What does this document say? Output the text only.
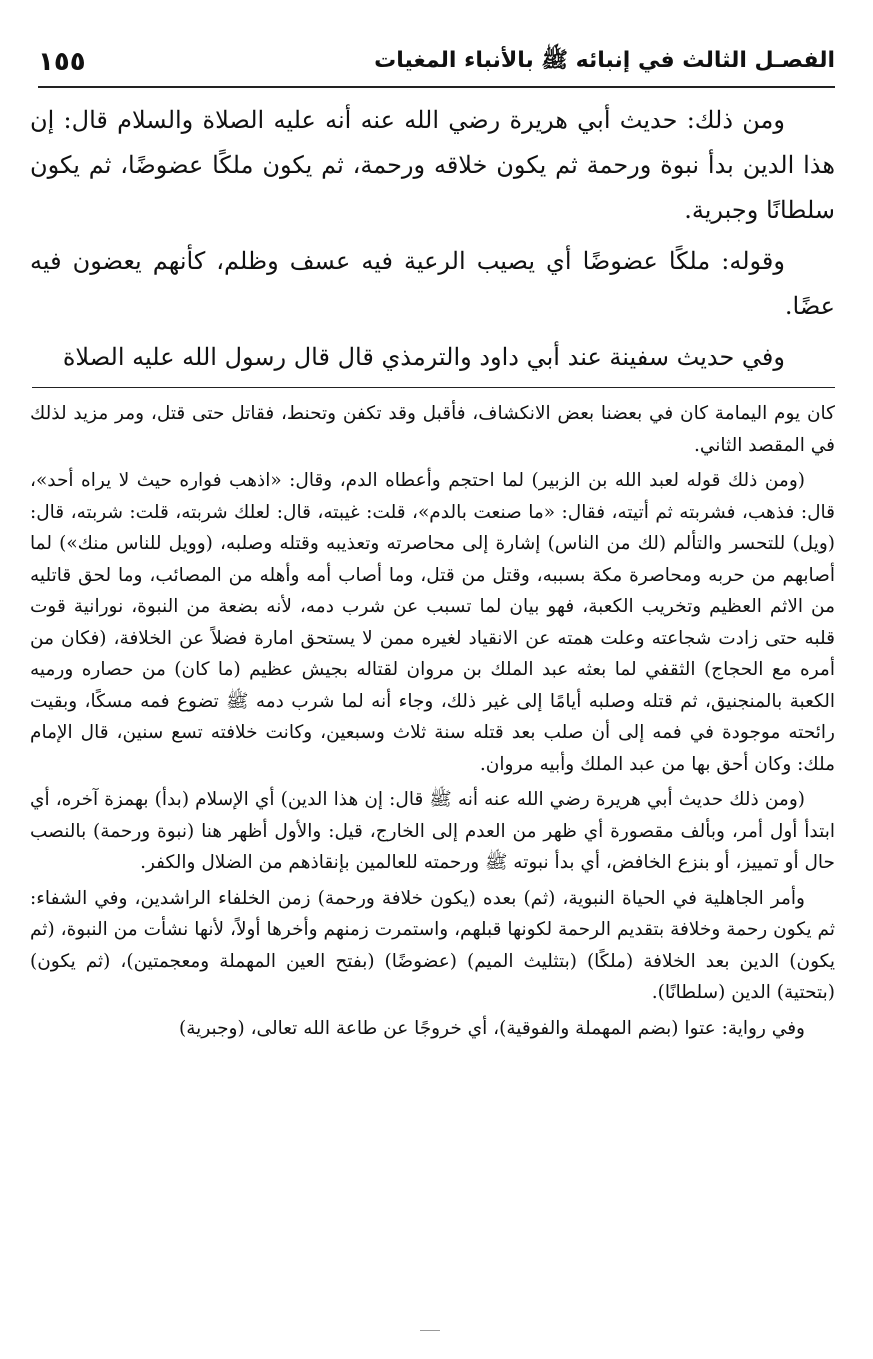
الفصـل الثالث في إنبائه ﷺ بالأنباء المغيات
١٥٥

ومن ذلك: حديث أبي هريرة رضي الله عنه أنه عليه الصلاة والسلام قال: إن هذا الدين بدأ نبوة ورحمة ثم يكون خلاقه ورحمة، ثم يكون ملكًا عضوضًا، ثم يكون سلطانًا وجبرية.

وقوله: ملكًا عضوضًا أي يصيب الرعية فيه عسف وظلم، كأنهم يعضون فيه عضًا.

وفي حديث سفينة عند أبي داود والترمذي قال قال رسول الله عليه الصلاة

كان يوم اليمامة كان في بعضنا بعض الانكشاف، فأقبل وقد تكفن وتحنط، فقاتل حتى قتل، ومر مزيد لذلك في المقصد الثاني.

(ومن ذلك قوله لعبد الله بن الزبير) لما احتجم وأعطاه الدم، وقال: «اذهب فواره حيث لا يراه أحد»، قال: فذهب، فشربته ثم أتيته، فقال: «ما صنعت بالدم»، قلت: غيبته، قال: لعلك شربته، قلت: شربته، قال: (ويل) للتحسر والتألم (لك من الناس) إشارة إلى محاصرته وتعذيبه وقتله وصلبه، (وويل للناس منك») لما أصابهم من حربه ومحاصرة مكة بسببه، وقتل من قتل، وما أصاب أمه وأهله من المصائب، وما لحق قاتليه من الاثم العظيم وتخريب الكعبة، فهو بيان لما تسبب عن شرب دمه، لأنه بضعة من النبوة، نورانية قوت قلبه حتى زادت شجاعته وعلت همته عن الانقياد لغيره ممن لا يستحق امارة فضلاً عن الخلافة، (فكان من أمره مع الحجاج) الثقفي لما بعثه عبد الملك بن مروان لقتاله بجيش عظيم (ما كان) من حصاره ورميه الكعبة بالمنجنيق، ثم قتله وصلبه أيامًا إلى غير ذلك، وجاء أنه لما شرب دمه ﷺ تضوع فمه مسكًا، وبقيت رائحته موجودة في فمه إلى أن صلب بعد قتله سنة ثلاث وسبعين، وكانت خلافته تسع سنين، قال الإمام ملك: وكان أحق بها من عبد الملك وأبيه مروان.

(ومن ذلك حديث أبي هريرة رضي الله عنه أنه ﷺ قال: إن هذا الدين) أي الإسلام (بدأ) بهمزة آخره، أي ابتدأ أول أمر، وبألف مقصورة أي ظهر من العدم إلى الخارج، قيل: والأول أظهر هنا (نبوة ورحمة) بالنصب حال أو تمييز، أو بنزع الخافض، أي بدأ نبوته ﷺ ورحمته للعالمين بإنقاذهم من الضلال والكفر.

وأمر الجاهلية في الحياة النبوية، (ثم) بعده (يكون خلافة ورحمة) زمن الخلفاء الراشدين، وفي الشفاء: ثم يكون رحمة وخلافة بتقديم الرحمة لكونها قبلهم، واستمرت زمنهم وأخرها أولاً، لأنها نشأت من النبوة، (ثم يكون) الدين بعد الخلافة (ملكًا) (بتثليث الميم) (عضوضًا) (بفتح العين المهملة ومعجمتين)، (ثم يكون) (بتحتية) الدين (سلطانًا).

وفي رواية: عتوا (بضم المهملة والفوقية)، أي خروجًا عن طاعة الله تعالى، (وجبرية)
